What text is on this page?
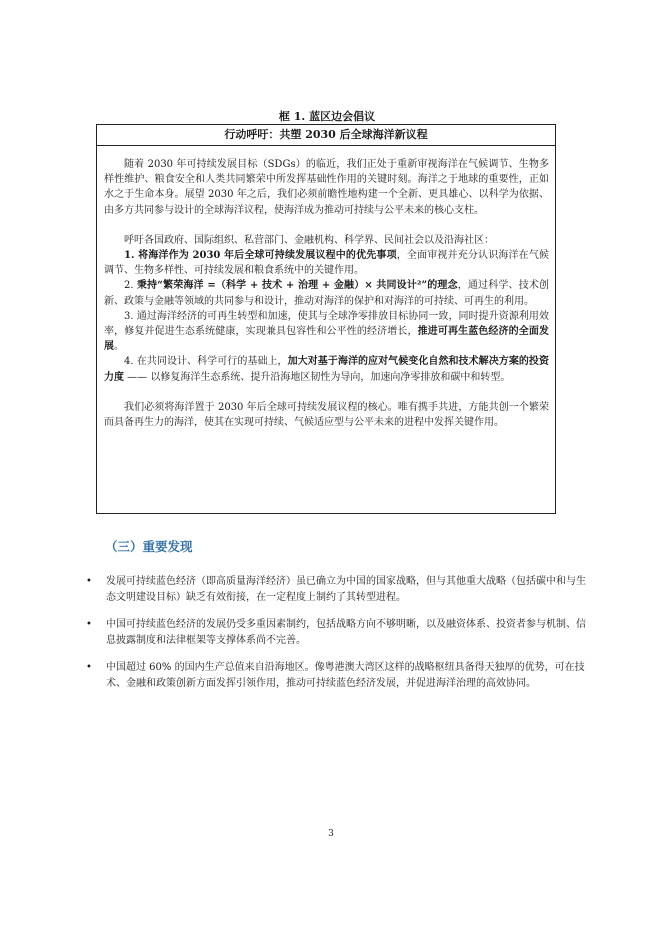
框 1. 蓝区边会倡议
行动呼吁：共塑 2030 后全球海洋新议程

随着 2030 年可持续发展目标（SDGs）的临近，我们正处于重新审视海洋在气候调节、生物多样性维护、粮食安全和人类共同繁荣中所发挥基础性作用的关键时刻。海洋之于地球的重要性，正如水之于生命本身。展望 2030 年之后，我们必须前瞻性地构建一个全新、更具雄心、以科学为依据、由多方共同参与设计的全球海洋议程，使海洋成为推动可持续与公平未来的核心支柱。

呼吁各国政府、国际组织、私营部门、金融机构、科学界、民间社会以及沿海社区：

1. 将海洋作为 2030 年后全球可持续发展议程中的优先事项，全面审视并充分认识海洋在气候调节、生物多样性、可持续发展和粮食系统中的关键作用。

2. 秉持“繁荣海洋 =（科学 + 技术 + 治理 + 金融）× 共同设计²”的理念，通过科学、技术创新、政策与金融等领域的共同参与和设计，推动对海洋的保护和对海洋的可持续、可再生的利用。

3. 通过海洋经济的可再生转型和加速，使其与全球净零排放目标协同一致，同时提升资源利用效率，修复并促进生态系统健康，实现兼具包容性和公平性的经济增长，推进可再生蓝色经济的全面发展。

4. 在共同设计、科学可行的基础上，加大对基于海洋的应对气候变化自然和技术解决方案的投资力度 —— 以修复海洋生态系统、提升沿海地区韧性为导向，加速向净零排放和碳中和转型。

我们必须将海洋置于 2030 年后全球可持续发展议程的核心。唯有携手共进，方能共创一个繁荣而具备再生力的海洋，使其在实现可持续、气候适应型与公平未来的进程中发挥关键作用。

（三）重要发现
• 发展可持续蓝色经济（即高质量海洋经济）虽已确立为中国的国家战略，但与其他重大战略（包括碳中和与生态文明建设目标）缺乏有效衔接，在一定程度上制约了其转型进程。
• 中国可持续蓝色经济的发展仍受多重因素制约，包括战略方向不够明晰，以及融资体系、投资者参与机制、信息披露制度和法律框架等支撑体系尚不完善。
• 中国超过 60% 的国内生产总值来自沿海地区。像粤港澳大湾区这样的战略枢纽具备得天独厚的优势，可在技术、金融和政策创新方面发挥引领作用，推动可持续蓝色经济发展，并促进海洋治理的高效协同。
3
